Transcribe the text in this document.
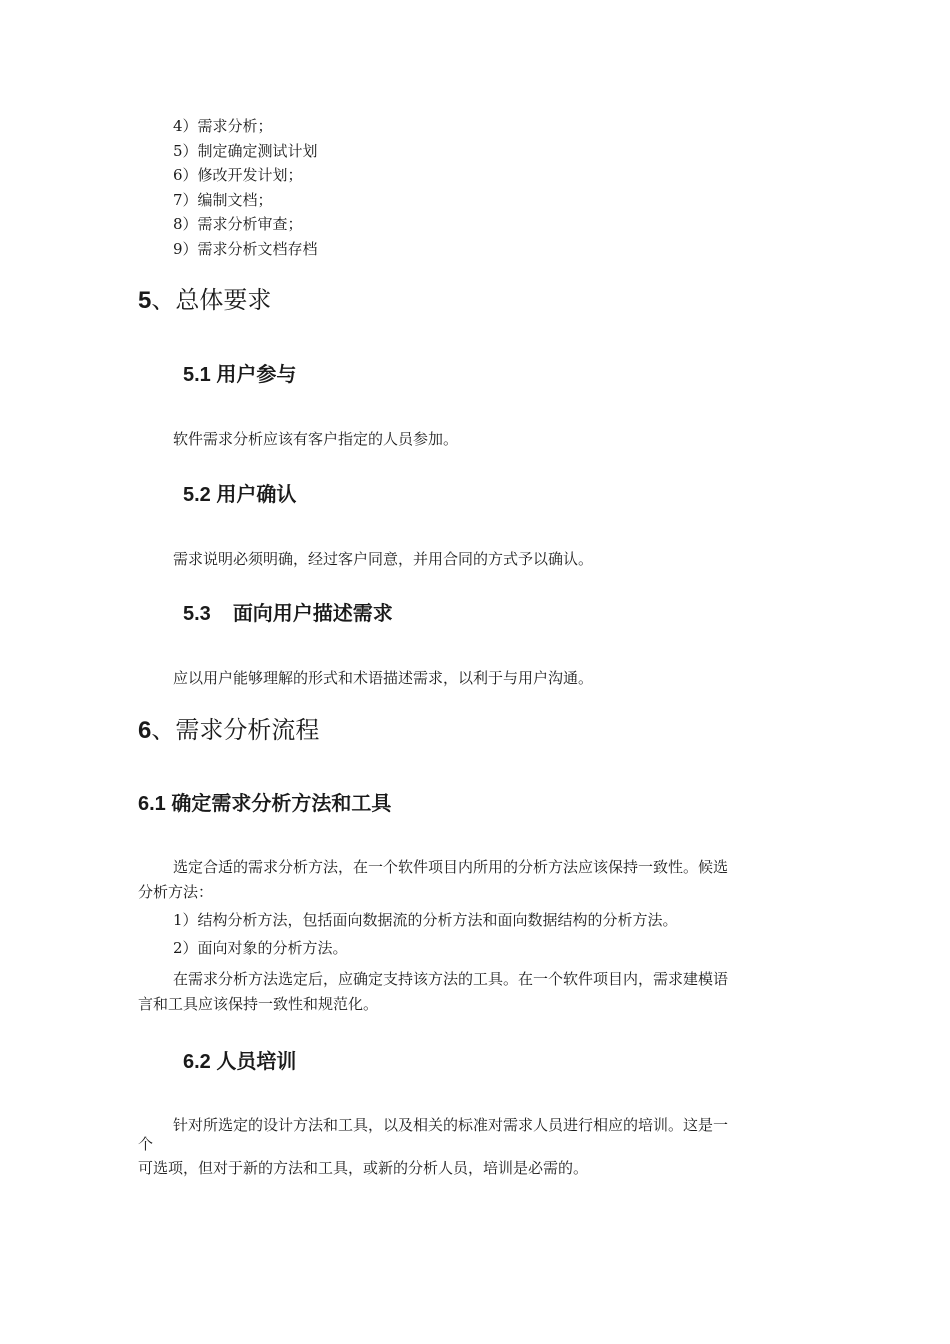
4）需求分析；
5）制定确定测试计划
6）修改开发计划；
7）编制文档；
8）需求分析审查；
9）需求分析文档存档
5、总体要求
5.1 用户参与
软件需求分析应该有客户指定的人员参加。
5.2 用户确认
需求说明必须明确，经过客户同意，并用合同的方式予以确认。
5.3 面向用户描述需求
应以用户能够理解的形式和术语描述需求，以利于与用户沟通。
6、需求分析流程
6.1 确定需求分析方法和工具
选定合适的需求分析方法，在一个软件项目内所用的分析方法应该保持一致性。候选
分析方法：
1）结构分析方法，包括面向数据流的分析方法和面向数据结构的分析方法。
2）面向对象的分析方法。
在需求分析方法选定后，应确定支持该方法的工具。在一个软件项目内，需求建模语
言和工具应该保持一致性和规范化。
6.2 人员培训
针对所选定的设计方法和工具，以及相关的标准对需求人员进行相应的培训。这是一
个
可选项，但对于新的方法和工具，或新的分析人员，培训是必需的。
